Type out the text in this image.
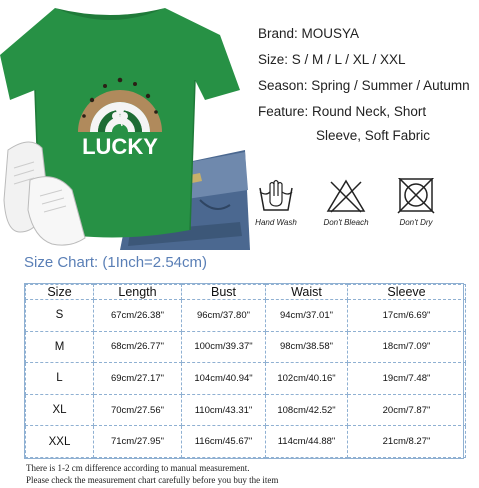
LUCKY
Brand: MOUSYA
Size: S / M / L / XL / XXL
Season: Spring / Summer / Autumn
Feature: Round Neck, Short
Sleeve, Soft Fabric
Hand Wash	Don't Bleach	Don't Dry
Size Chart: (1Inch=2.54cm)
Size	Length	Bust	Waist	Sleeve
S	67cm/26.38"	96cm/37.80"	94cm/37.01"	17cm/6.69"
M	68cm/26.77"	100cm/39.37"	98cm/38.58"	18cm/7.09"
L	69cm/27.17"	104cm/40.94"	102cm/40.16"	19cm/7.48"
XL	70cm/27.56"	110cm/43.31"	108cm/42.52"	20cm/7.87"
XXL	71cm/27.95"	116cm/45.67"	114cm/44.88"	21cm/8.27"
There is 1-2 cm difference according to manual measurement.
Please check the measurement chart carefully before you buy the item
